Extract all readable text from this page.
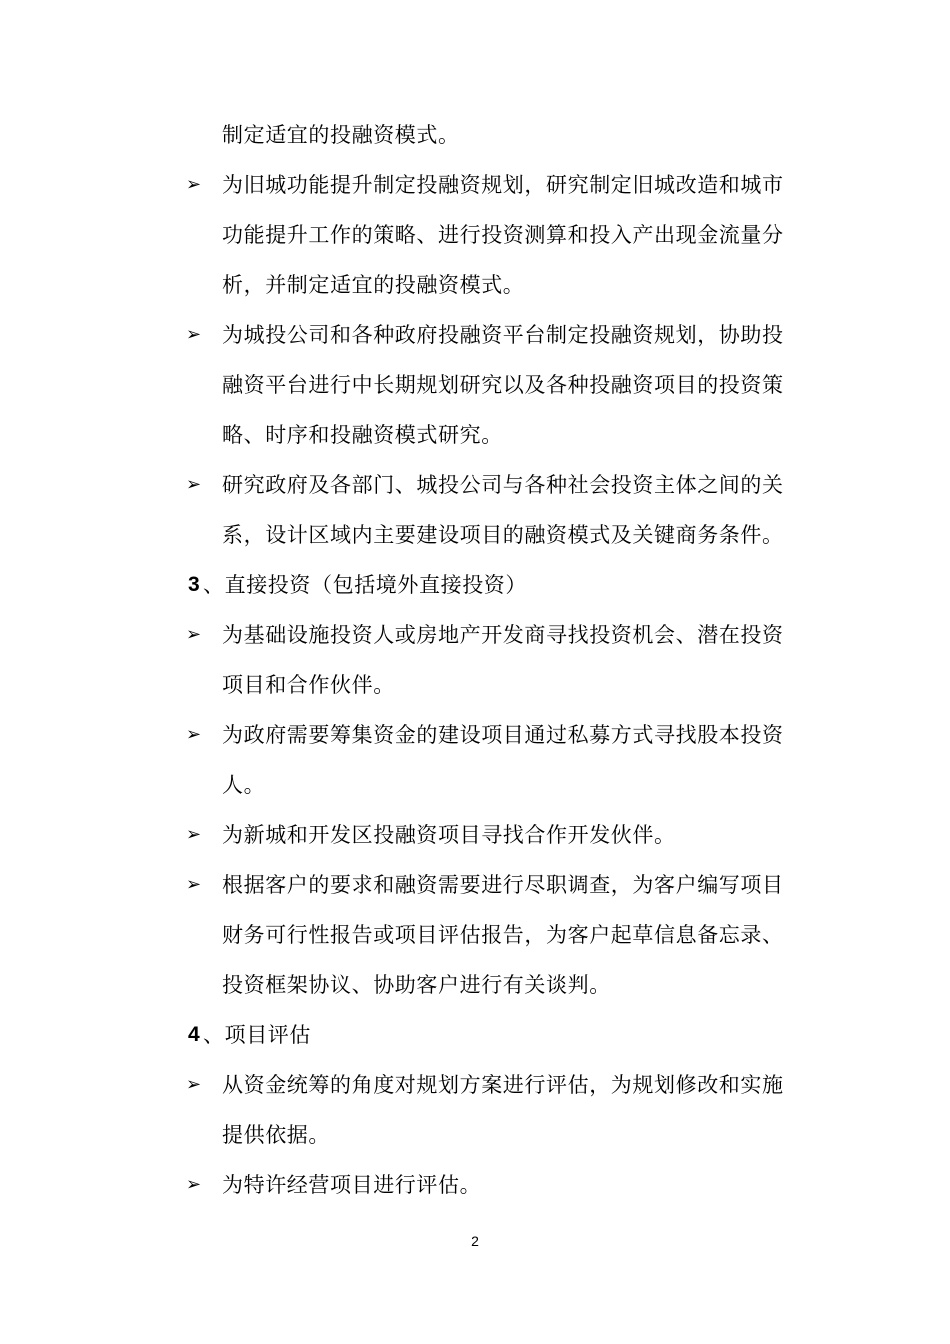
制定适宜的投融资模式。
➢ 为旧城功能提升制定投融资规划，研究制定旧城改造和城市
功能提升工作的策略、进行投资测算和投入产出现金流量分
析，并制定适宜的投融资模式。
➢ 为城投公司和各种政府投融资平台制定投融资规划，协助投
融资平台进行中长期规划研究以及各种投融资项目的投资策
略、时序和投融资模式研究。
➢ 研究政府及各部门、城投公司与各种社会投资主体之间的关
系，设计区域内主要建设项目的融资模式及关键商务条件。
3 、直接投资（包括境外直接投资）
➢ 为基础设施投资人或房地产开发商寻找投资机会、潜在投资
项目和合作伙伴。
➢ 为政府需要筹集资金的建设项目通过私募方式寻找股本投资
人。
➢ 为新城和开发区投融资项目寻找合作开发伙伴。
➢ 根据客户的要求和融资需要进行尽职调查，为客户编写项目
财务可行性报告或项目评估报告，为客户起草信息备忘录、
投资框架协议、协助客户进行有关谈判。
4 、项目评估
➢ 从资金统筹的角度对规划方案进行评估，为规划修改和实施
提供依据。
➢ 为特许经营项目进行评估。
2
